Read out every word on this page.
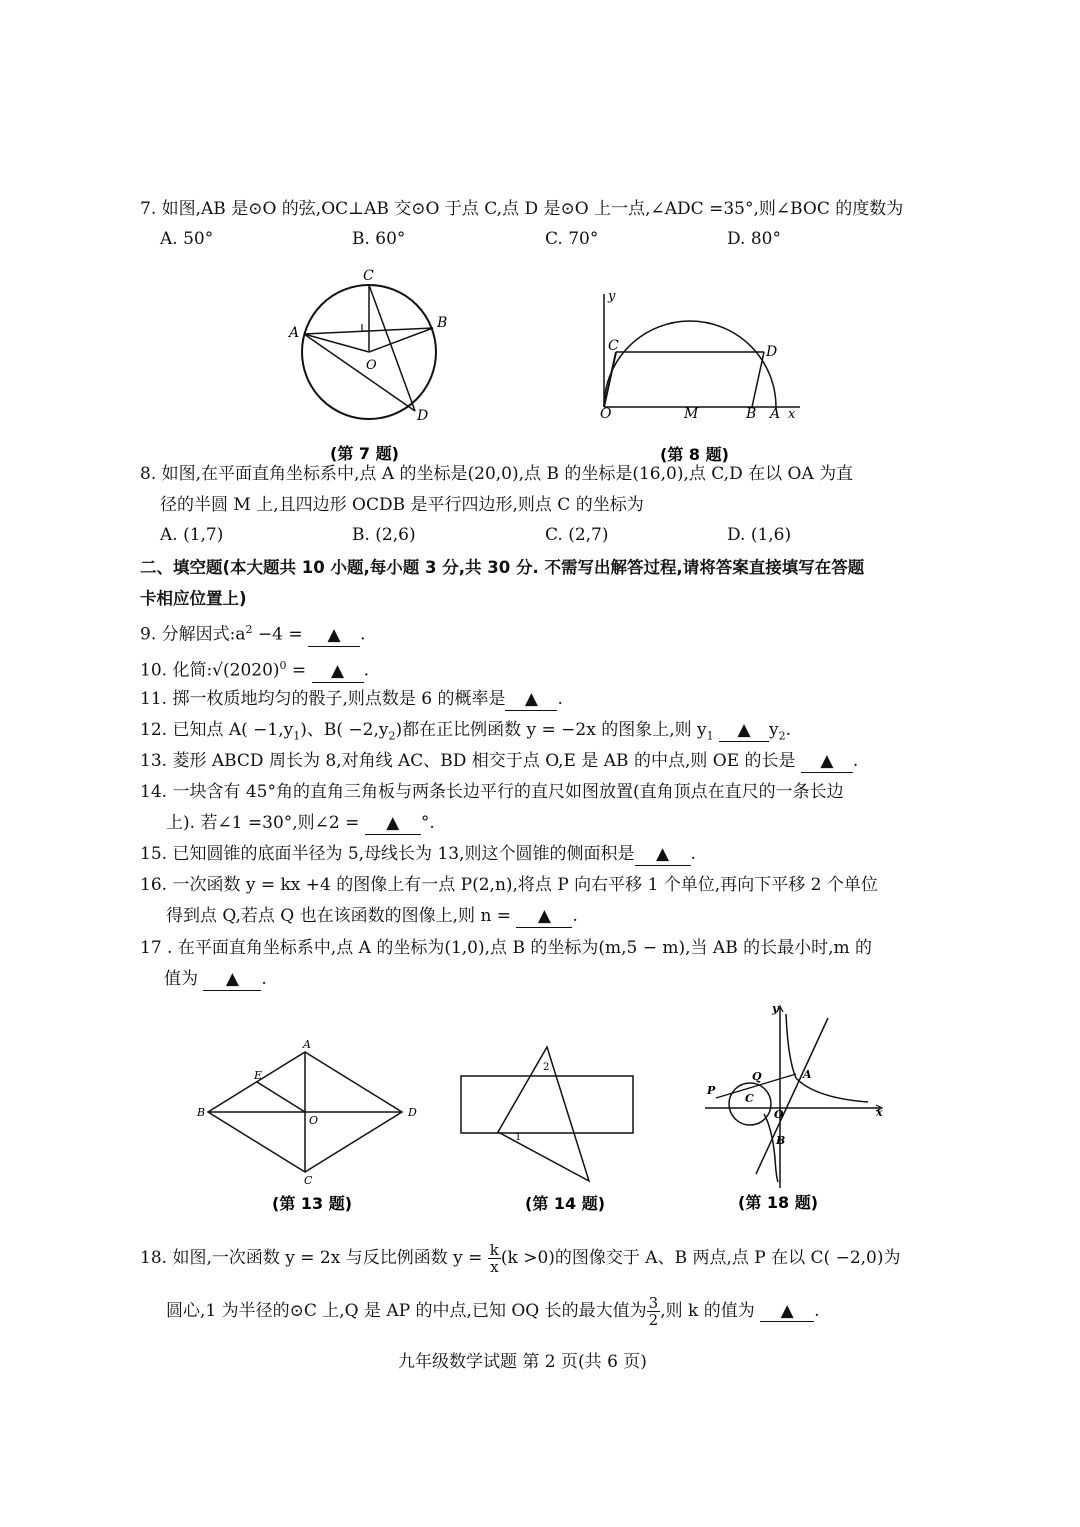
7. 如图,AB 是⊙O 的弦,OC⊥AB 交⊙O 于点 C,点 D 是⊙O 上一点,∠ADC =35°,则∠BOC 的度数为
A. 50°	B. 60°	C. 70°	D. 80°
C
A
B
O
D
(第 7 题)
y
C	D
O	M	B A x
(第 8 题)
8. 如图,在平面直角坐标系中,点 A 的坐标是(20,0),点 B 的坐标是(16,0),点 C,D 在以 OA 为直
径的半圆 M 上,且四边形 OCDB 是平行四边形,则点 C 的坐标为
A. (1,7)	B. (2,6)	C. (2,7)	D. (1,6)
二、填空题(本大题共 10 小题,每小题 3 分,共 30 分. 不需写出解答过程,请将答案直接填写在答题
卡相应位置上)
9. 分解因式$:a^2 -4$ = ▲ .
10. 化简$:√(2020)^0$ = ▲ .
11. 掷一枚质地均匀的骰子,则点数是 6 的概率是 ▲ .
12. 已知点 $A( -1,y_1)$、$B( -2,y_2)$都在正比例函数 y = −2x 的图象上,则 $y_1$ ▲ $y_2$.
13. 菱形 ABCD 周长为 8,对角线 AC、BD 相交于点 O,E 是 AB 的中点,则 OE 的长是 ▲ .
14. 一块含有 45°角的直角三角板与两条长边平行的直尺如图放置(直角顶点在直尺的一条长边
上). 若∠1 =30°,则∠2 = ▲ °.
15. 已知圆锥的底面半径为 5,母线长为 13,则这个圆锥的侧面积是 ▲ .
16. 一次函数 y = kx +4 的图像上有一点 P(2,n),将点 P 向右平移 1 个单位,再向下平移 2 个单位
得到点 Q,若点 Q 也在该函数的图像上,则 n = ▲ .
17 . 在平面直角坐标系中,点 A 的坐标为(1,0),点 B 的坐标为(m,5 − m),当 AB 的长最小时,m 的
值为 ▲ .
A
E
B
O
D
C
(第 13 题)
2
1
(第 14 题)
y
P
Q	A
C
O	x
B
(第 18 题)
18. 如图,一次函数 y = 2x 与反比例函数 $y = \frac{k}{x} (k >0)$的图像交于 A、B 两点,点 P 在以 C( −2,0)为
圆心,1 为半径的⊙C 上,Q 是 AP 的中点,已知 OQ 长的最大值为 $\frac{3}{2}$ ,则 k 的值为 ▲ .
九年级数学试题 第 2 页(共 6 页)
